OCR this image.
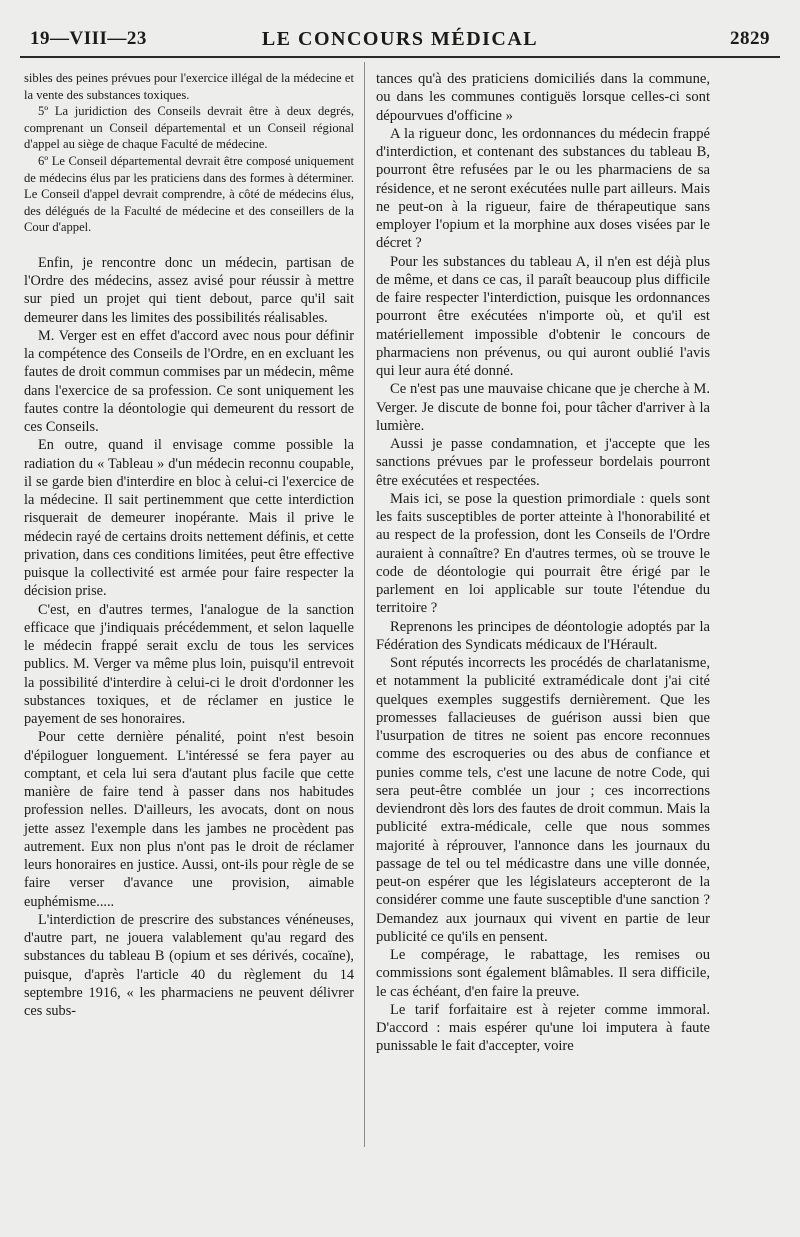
19—VIII—23	LE CONCOURS MÉDICAL	2829

sibles des peines prévues pour l'exercice illégal de la médecine et la vente des substances toxiques.

5º La juridiction des Conseils devrait être à deux degrés, comprenant un Conseil départemental et un Conseil régional d'appel au siège de chaque Faculté de médecine.

6º Le Conseil départemental devrait être composé uniquement de médecins élus par les praticiens dans des formes à déterminer. Le Conseil d'appel devrait comprendre, à côté de médecins élus, des délégués de la Faculté de médecine et des conseillers de la Cour d'appel.

Enfin, je rencontre donc un médecin, partisan de l'Ordre des médecins, assez avisé pour réussir à mettre sur pied un projet qui tient debout, parce qu'il sait demeurer dans les limites des possibilités réalisables.

M. Verger est en effet d'accord avec nous pour définir la compétence des Conseils de l'Ordre, en en excluant les fautes de droit commun commises par un médecin, même dans l'exercice de sa profession. Ce sont uniquement les fautes contre la déontologie qui demeurent du ressort de ces Conseils.

En outre, quand il envisage comme possible la radiation du « Tableau » d'un médecin reconnu coupable, il se garde bien d'interdire en bloc à celui-ci l'exercice de la médecine. Il sait pertinemment que cette interdiction risquerait de demeurer inopérante. Mais il prive le médecin rayé de certains droits nettement définis, et cette privation, dans ces conditions limitées, peut être effective puisque la collectivité est armée pour faire respecter la décision prise.

C'est, en d'autres termes, l'analogue de la sanction efficace que j'indiquais précédemment, et selon laquelle le médecin frappé serait exclu de tous les services publics. M. Verger va même plus loin, puisqu'il entrevoit la possibilité d'interdire à celui-ci le droit d'ordonner les substances toxiques, et de réclamer en justice le payement de ses honoraires.

Pour cette dernière pénalité, point n'est besoin d'épiloguer longuement. L'intéressé se fera payer au comptant, et cela lui sera d'autant plus facile que cette manière de faire tend à passer dans nos habitudes profession nelles. D'ailleurs, les avocats, dont on nous jette assez l'exemple dans les jambes ne procèdent pas autrement. Eux non plus n'ont pas le droit de réclamer leurs honoraires en justice. Aussi, ont-ils pour règle de se faire verser d'avance une provision, aimable euphémisme.....

L'interdiction de prescrire des substances vénéneuses, d'autre part, ne jouera valablement qu'au regard des substances du tableau B (opium et ses dérivés, cocaïne), puisque, d'après l'article 40 du règlement du 14 septembre 1916, « les pharmaciens ne peuvent délivrer ces subs-

tances qu'à des praticiens domiciliés dans la commune, ou dans les communes contiguës lorsque celles-ci sont dépourvues d'officine »

A la rigueur donc, les ordonnances du médecin frappé d'interdiction, et contenant des substances du tableau B, pourront être refusées par le ou les pharmaciens de sa résidence, et ne seront exécutées nulle part ailleurs. Mais ne peut-on à la rigueur, faire de thérapeutique sans employer l'opium et la morphine aux doses visées par le décret ?

Pour les substances du tableau A, il n'en est déjà plus de même, et dans ce cas, il paraît beaucoup plus difficile de faire respecter l'interdiction, puisque les ordonnances pourront être exécutées n'importe où, et qu'il est matériellement impossible d'obtenir le concours de pharmaciens non prévenus, ou qui auront oublié l'avis qui leur aura été donné.

Ce n'est pas une mauvaise chicane que je cherche à M. Verger. Je discute de bonne foi, pour tâcher d'arriver à la lumière.

Aussi je passe condamnation, et j'accepte que les sanctions prévues par le professeur bordelais pourront être exécutées et respectées.

Mais ici, se pose la question primordiale : quels sont les faits susceptibles de porter atteinte à l'honorabilité et au respect de la profession, dont les Conseils de l'Ordre auraient à connaître? En d'autres termes, où se trouve le code de déontologie qui pourrait être érigé par le parlement en loi applicable sur toute l'étendue du territoire ?

Reprenons les principes de déontologie adoptés par la Fédération des Syndicats médicaux de l'Hérault.

Sont réputés incorrects les procédés de charlatanisme, et notamment la publicité extramédicale dont j'ai cité quelques exemples suggestifs dernièrement. Que les promesses fallacieuses de guérison aussi bien que l'usurpation de titres ne soient pas encore reconnues comme des escroqueries ou des abus de confiance et punies comme tels, c'est une lacune de notre Code, qui sera peut-être comblée un jour ; ces incorrections deviendront dès lors des fautes de droit commun. Mais la publicité extra-médicale, celle que nous sommes majorité à réprouver, l'annonce dans les journaux du passage de tel ou tel médicastre dans une ville donnée, peut-on espérer que les législateurs accepteront de la considérer comme une faute susceptible d'une sanction ? Demandez aux journaux qui vivent en partie de leur publicité ce qu'ils en pensent.

Le compérage, le rabattage, les remises ou commissions sont également blâmables. Il sera difficile, le cas échéant, d'en faire la preuve.

Le tarif forfaitaire est à rejeter comme immoral. D'accord : mais espérer qu'une loi imputera à faute punissable le fait d'accepter, voire
